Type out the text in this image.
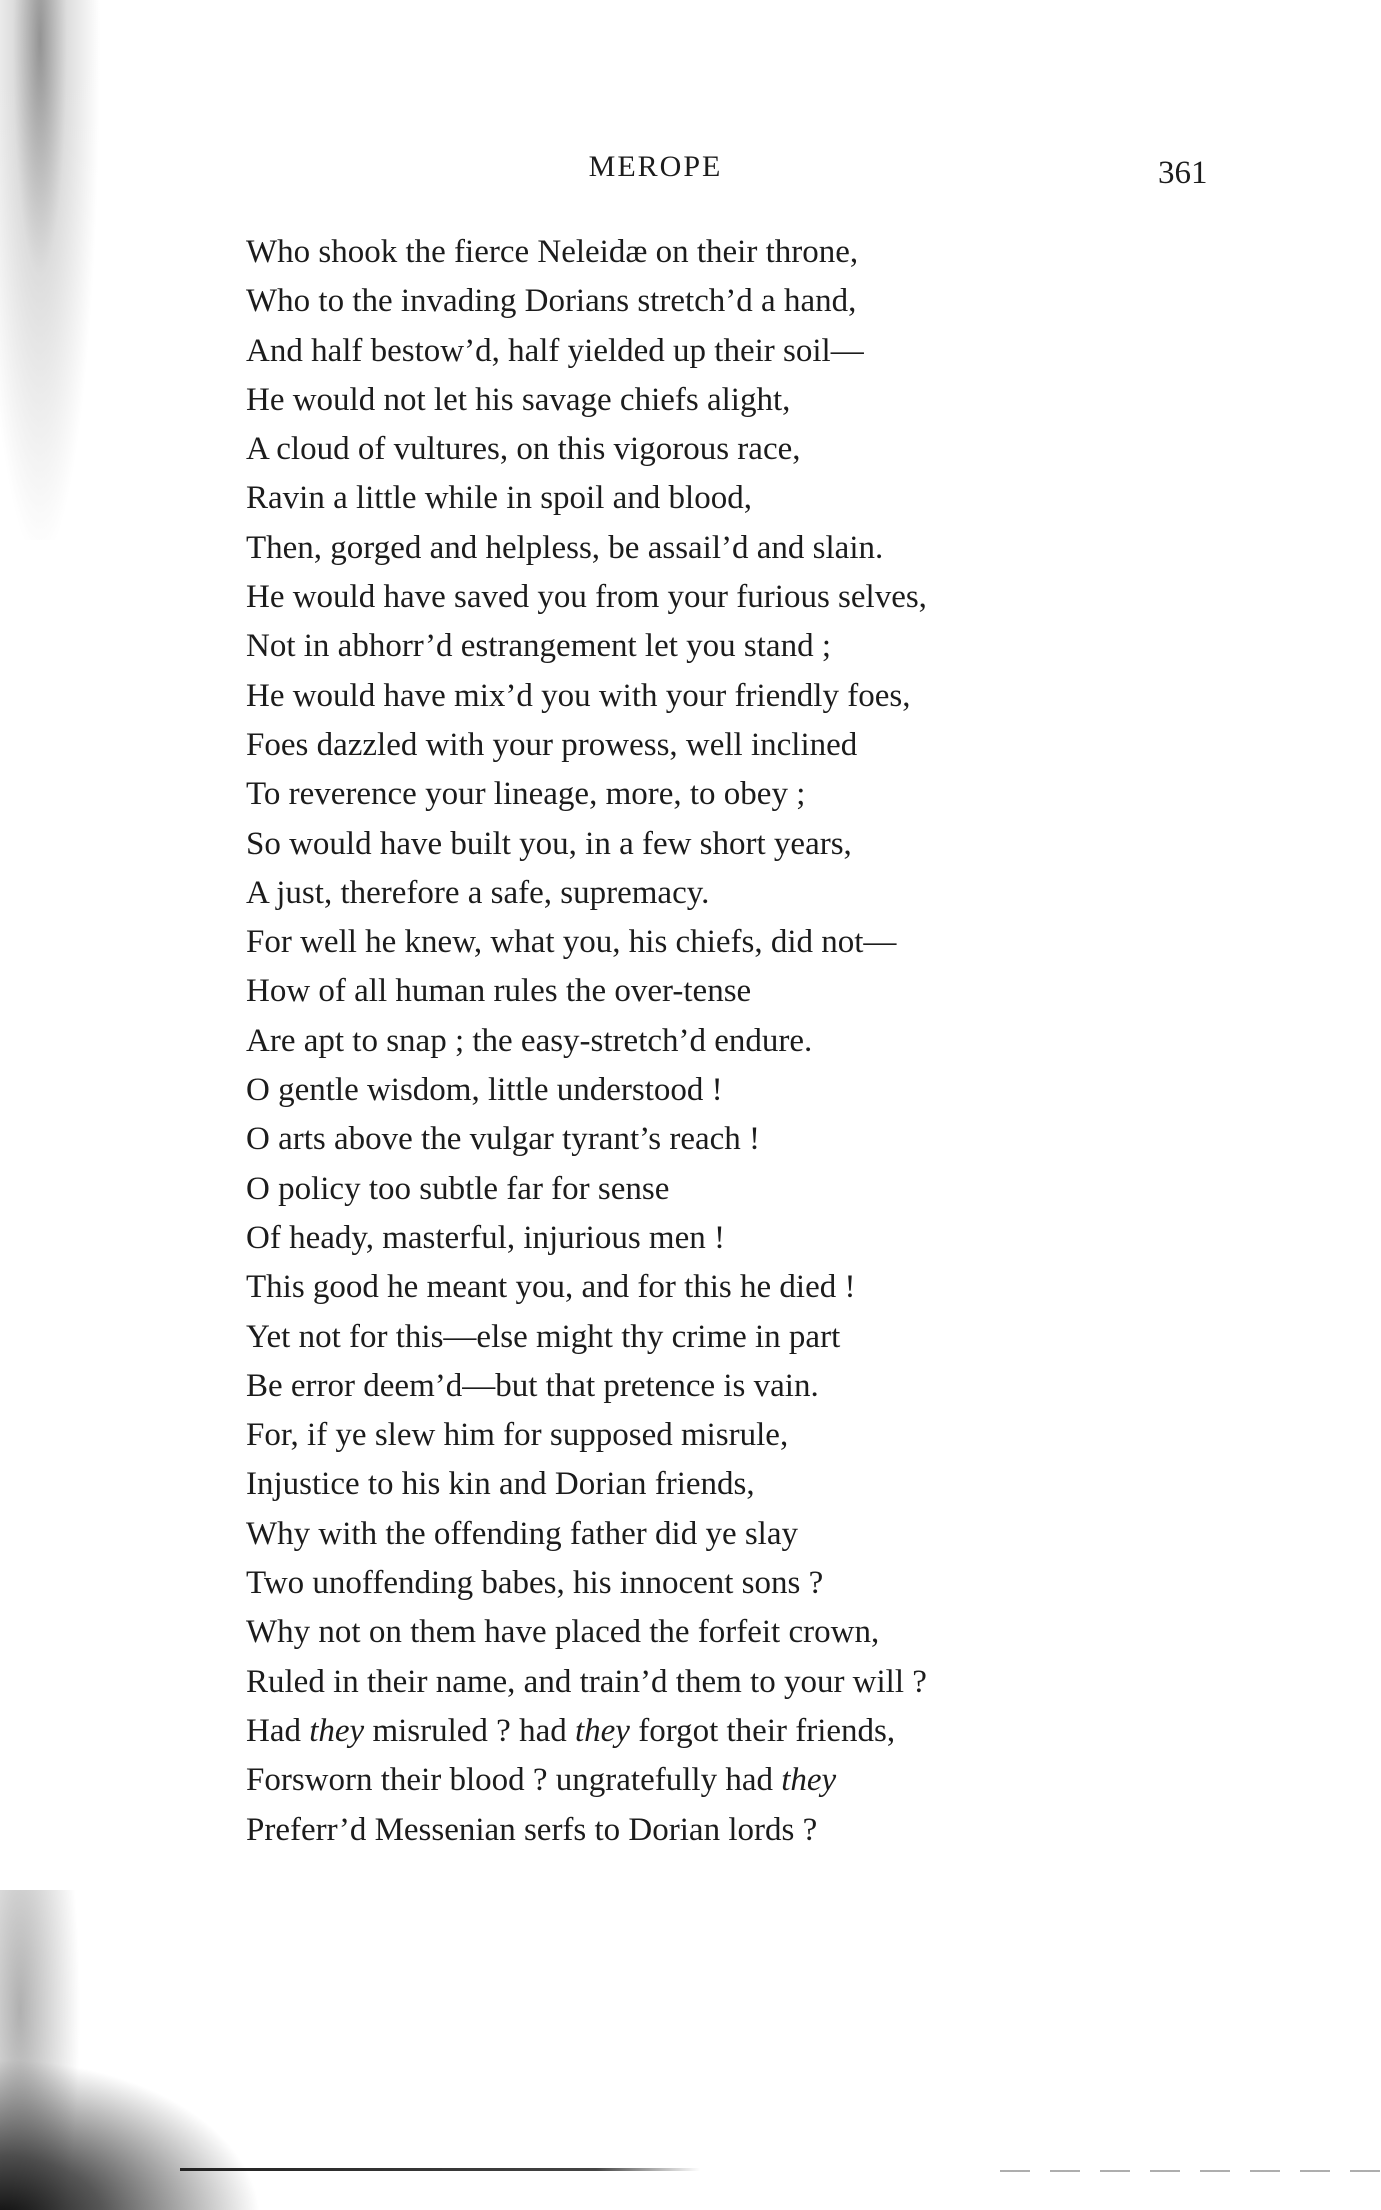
MEROPE	361
Who shook the fierce Neleidæ on their throne,
Who to the invading Dorians stretch’d a hand,
And half bestow’d, half yielded up their soil—
He would not let his savage chiefs alight,
A cloud of vultures, on this vigorous race,
Ravin a little while in spoil and blood,
Then, gorged and helpless, be assail’d and slain.
He would have saved you from your furious selves,
Not in abhorr’d estrangement let you stand ;
He would have mix’d you with your friendly foes,
Foes dazzled with your prowess, well inclined
To reverence your lineage, more, to obey ;
So would have built you, in a few short years,
A just, therefore a safe, supremacy.
For well he knew, what you, his chiefs, did not—
How of all human rules the over-tense
Are apt to snap ; the easy-stretch’d endure.
O gentle wisdom, little understood !
O arts above the vulgar tyrant’s reach !
O policy too subtle far for sense
Of heady, masterful, injurious men !
This good he meant you, and for this he died !
Yet not for this—else might thy crime in part
Be error deem’d—but that pretence is vain.
For, if ye slew him for supposed misrule,
Injustice to his kin and Dorian friends,
Why with the offending father did ye slay
Two unoffending babes, his innocent sons ?
Why not on them have placed the forfeit crown,
Ruled in their name, and train’d them to your will ?
Had they misruled ? had they forgot their friends,
Forsworn their blood ? ungratefully had they
Preferr’d Messenian serfs to Dorian lords ?
